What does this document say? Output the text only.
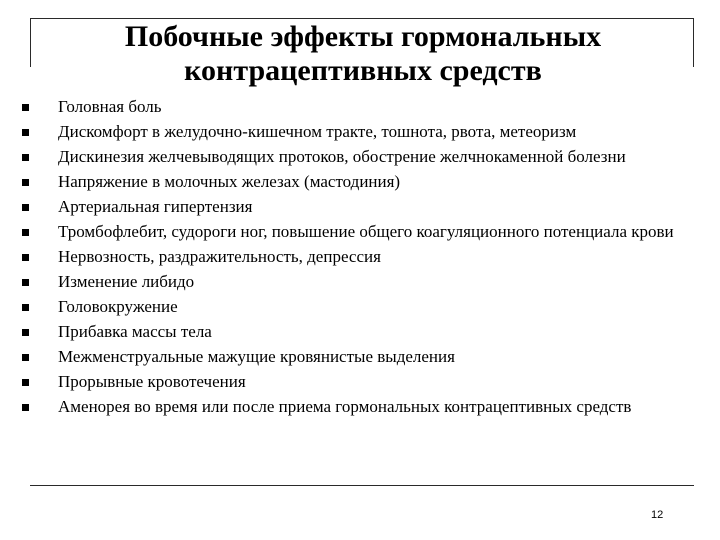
Побочные эффекты гормональных контрацептивных средств
Головная боль
Дискомфорт в желудочно-кишечном тракте, тошнота, рвота, метеоризм
Дискинезия желчевыводящих протоков, обострение желчнокаменной болезни
Напряжение в молочных железах (мастодиния)
Артериальная гипертензия
Тромбофлебит, судороги ног, повышение общего коагуляционного потенциала крови
Нервозность, раздражительность, депрессия
Изменение либидо
Головокружение
Прибавка массы тела
Межменструальные мажущие кровянистые выделения
Прорывные кровотечения
Аменорея во время или после приема гормональных контрацептивных средств
12
